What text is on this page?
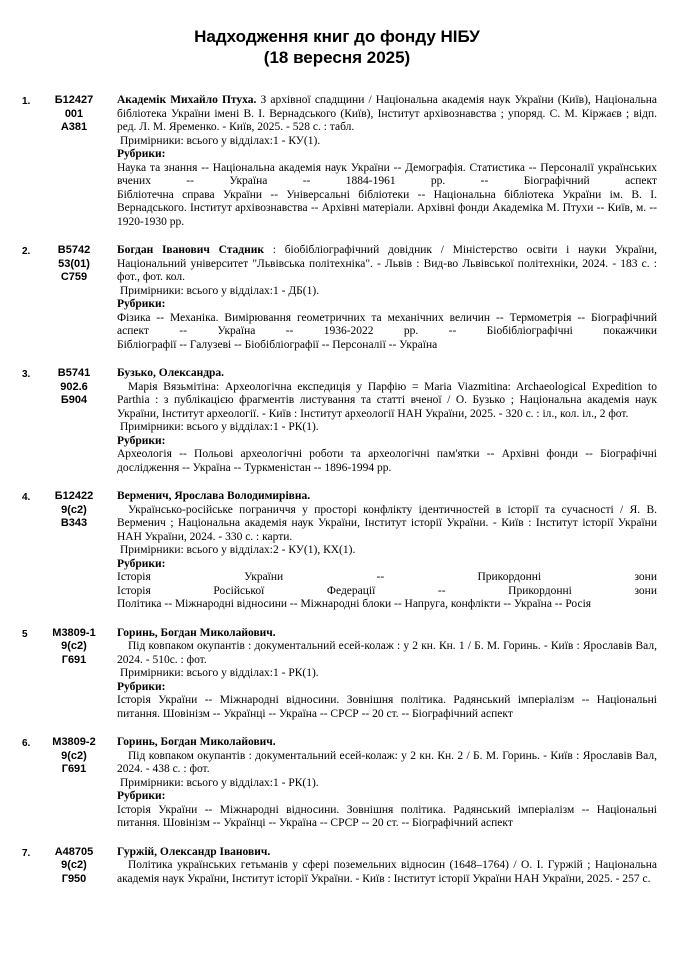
Надходження книг до фонду НІБУ
(18 вересня 2025)
1.	Б12427
001
А381

Академік Михайло Птуха. З архівної спадщини / Національна академія наук України (Київ), Національна бібліотека України імені В. І. Вернадського (Київ), Інститут архівознавства ; упоряд. С. М. Кіржаєв ; відп. ред. Л. М. Яременко. - Київ, 2025. - 528 с. : табл.

Примірники: всього у відділах:1 - КУ(1).

Рубрики:

Наука та знання -- Національна академія наук України -- Демографія. Статистика -- Персоналії українських вчених -- Україна -- 1884-1961 рр. -- Біографічний аспект

Бібліотечна справа України -- Універсальні бібліотеки -- Національна бібліотека України ім. В. І. Вернадського. Інститут архівознавства -- Архівні матеріали. Архівні фонди Академіка М. Птухи -- Київ, м. -- 1920-1930 рр.

2.	В5742
53(01)
С759

Богдан Іванович Стадник : біобібліографічний довідник / Міністерство освіти і науки України, Національний університет "Львівська політехніка". - Львів : Вид-во Львівської політехніки, 2024. - 183 с. : фот., фот. кол.

Примірники: всього у відділах:1 - ДБ(1).

Рубрики:

Фізика -- Механіка. Вимірювання геометричних та механічних величин -- Термометрія -- Біографічний аспект -- Україна -- 1936-2022 рр. -- Біобібліографічні покажчики

Бібліографії -- Галузеві -- Біобібліографії -- Персоналії -- Україна

3.	В5741
902.6
Б904

Бузько, Олександра.

Марія Вязьмітіна: Археологічна експедиція у Парфію = Maria Viazmitina: Archaeological Expedition to Parthia : з публікацією фрагментів листування та статті вченої / О. Бузько ; Національна академія наук України, Інститут археології. - Київ : Інститут археології НАН України, 2025. - 320 с. : іл., кол. іл., 2 фот.

Примірники: всього у відділах:1 - РК(1).

Рубрики:

Археологія -- Польові археологічні роботи та археологічні пам'ятки -- Архівні фонди -- Біографічні дослідження -- Україна -- Туркменістан -- 1896-1994 рр.

4.	Б12422
9(с2)
В343

Верменич, Ярослава Володимирівна.

Українсько-російське пограниччя у просторі конфлікту ідентичностей в історії та сучасності / Я. В. Верменич ; Національна академія наук України, Інститут історії України. - Київ : Інститут історії України НАН України, 2024. - 330 с. : карти.

Примірники: всього у відділах:2 - КУ(1), КХ(1).

Рубрики:

Історія України -- Прикордонні зони

Історія Російської Федерації -- Прикордонні зони

Політика -- Міжнародні відносини -- Міжнародні блоки -- Напруга, конфлікти -- Україна -- Росія

5	М3809-1
9(с2)
Г691

Горинь, Богдан Миколайович.

Під ковпаком окупантів : документальний есей-колаж : у 2 кн. Кн. 1 / Б. М. Горинь. - Київ : Ярославів Вал, 2024. - 510с. : фот.

Примірники: всього у відділах:1 - РК(1).

Рубрики:

Історія України -- Міжнародні відносини. Зовнішня політика. Радянський імперіалізм -- Національні питання. Шовінізм -- Українці -- Україна -- СРСР -- 20 ст. -- Біографічний аспект

6.	М3809-2
9(с2)
Г691

Горинь, Богдан Миколайович.

Під ковпаком окупантів : документальний есей-колаж: у 2 кн. Кн. 2 / Б. М. Горинь. - Київ : Ярославів Вал, 2024. - 438 с. : фот.

Примірники: всього у відділах:1 - РК(1).

Рубрики:

Історія України -- Міжнародні відносини. Зовнішня політика. Радянський імперіалізм -- Національні питання. Шовінізм -- Українці -- Україна -- СРСР -- 20 ст. -- Біографічний аспект

7.	А48705
9(с2)
Г950

Гуржій, Олександр Іванович.

Політика українських гетьманів у сфері поземельних відносин (1648–1764) / О. І. Гуржій ; Національна академія наук України, Інститут історії України. - Київ : Інститут історії України НАН України, 2025. - 257 с.
